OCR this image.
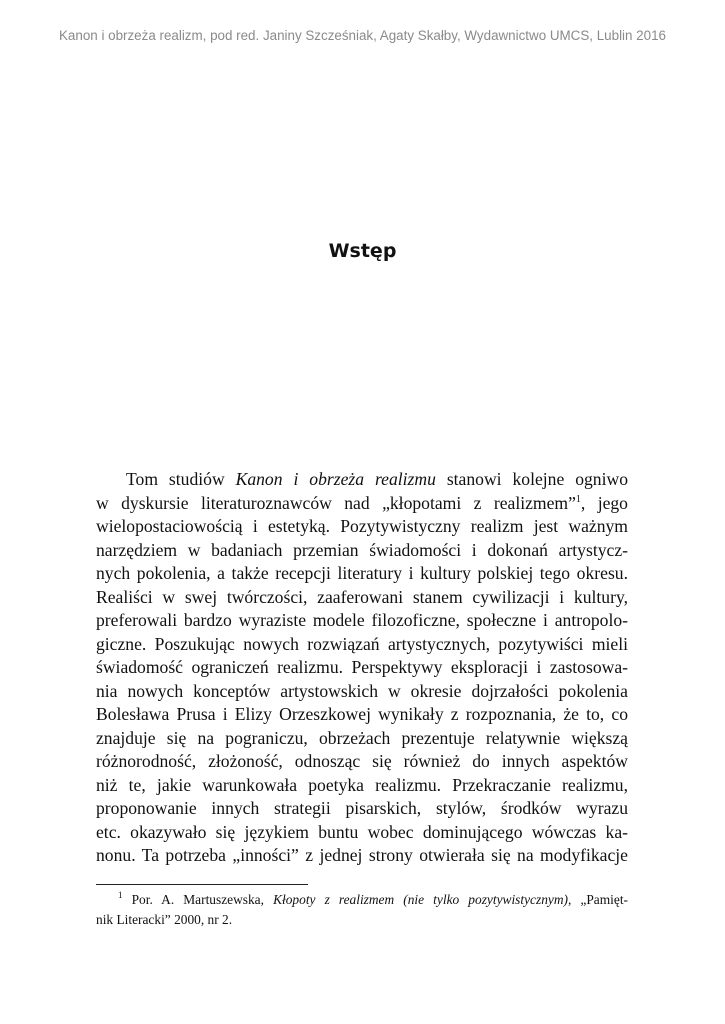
Kanon i obrzeża realizm, pod red. Janiny Szcześniak, Agaty Skałby, Wydawnictwo UMCS, Lublin 2016
Wstęp
Tom studiów Kanon i obrzeża realizmu stanowi kolejne ogniwo
w dyskursie literaturoznawców nad „kłopotami z realizmem”$^1$, jego
wielopostaciowością i estetyką. Pozytywistyczny realizm jest ważnym
narzędziem w badaniach przemian świadomości i dokonań artystycz-
nych pokolenia, a także recepcji literatury i kultury polskiej tego okresu.
Realiści w swej twórczości, zaaferowani stanem cywilizacji i kultury,
preferowali bardzo wyraziste modele filozoficzne, społeczne i antropolo-
giczne. Poszukując nowych rozwiązań artystycznych, pozytywiści mieli
świadomość ograniczeń realizmu. Perspektywy eksploracji i zastosowa-
nia nowych konceptów artystowskich w okresie dojrzałości pokolenia
Bolesława Prusa i Elizy Orzeszkowej wynikały z rozpoznania, że to, co
znajduje się na pograniczu, obrzeżach prezentuje relatywnie większą
różnorodność, złożoność, odnosząc się również do innych aspektów
niż te, jakie warunkowała poetyka realizmu. Przekraczanie realizmu,
proponowanie innych strategii pisarskich, stylów, środków wyrazu
etc. okazywało się językiem buntu wobec dominującego wówczas ka-
nonu. Ta potrzeba „inności” z jednej strony otwierała się na modyfikacje
$^1$ Por. A. Martuszewska, Kłopoty z realizmem (nie tylko pozytywistycznym), „Pamięt-
nik Literacki” 2000, nr 2.
